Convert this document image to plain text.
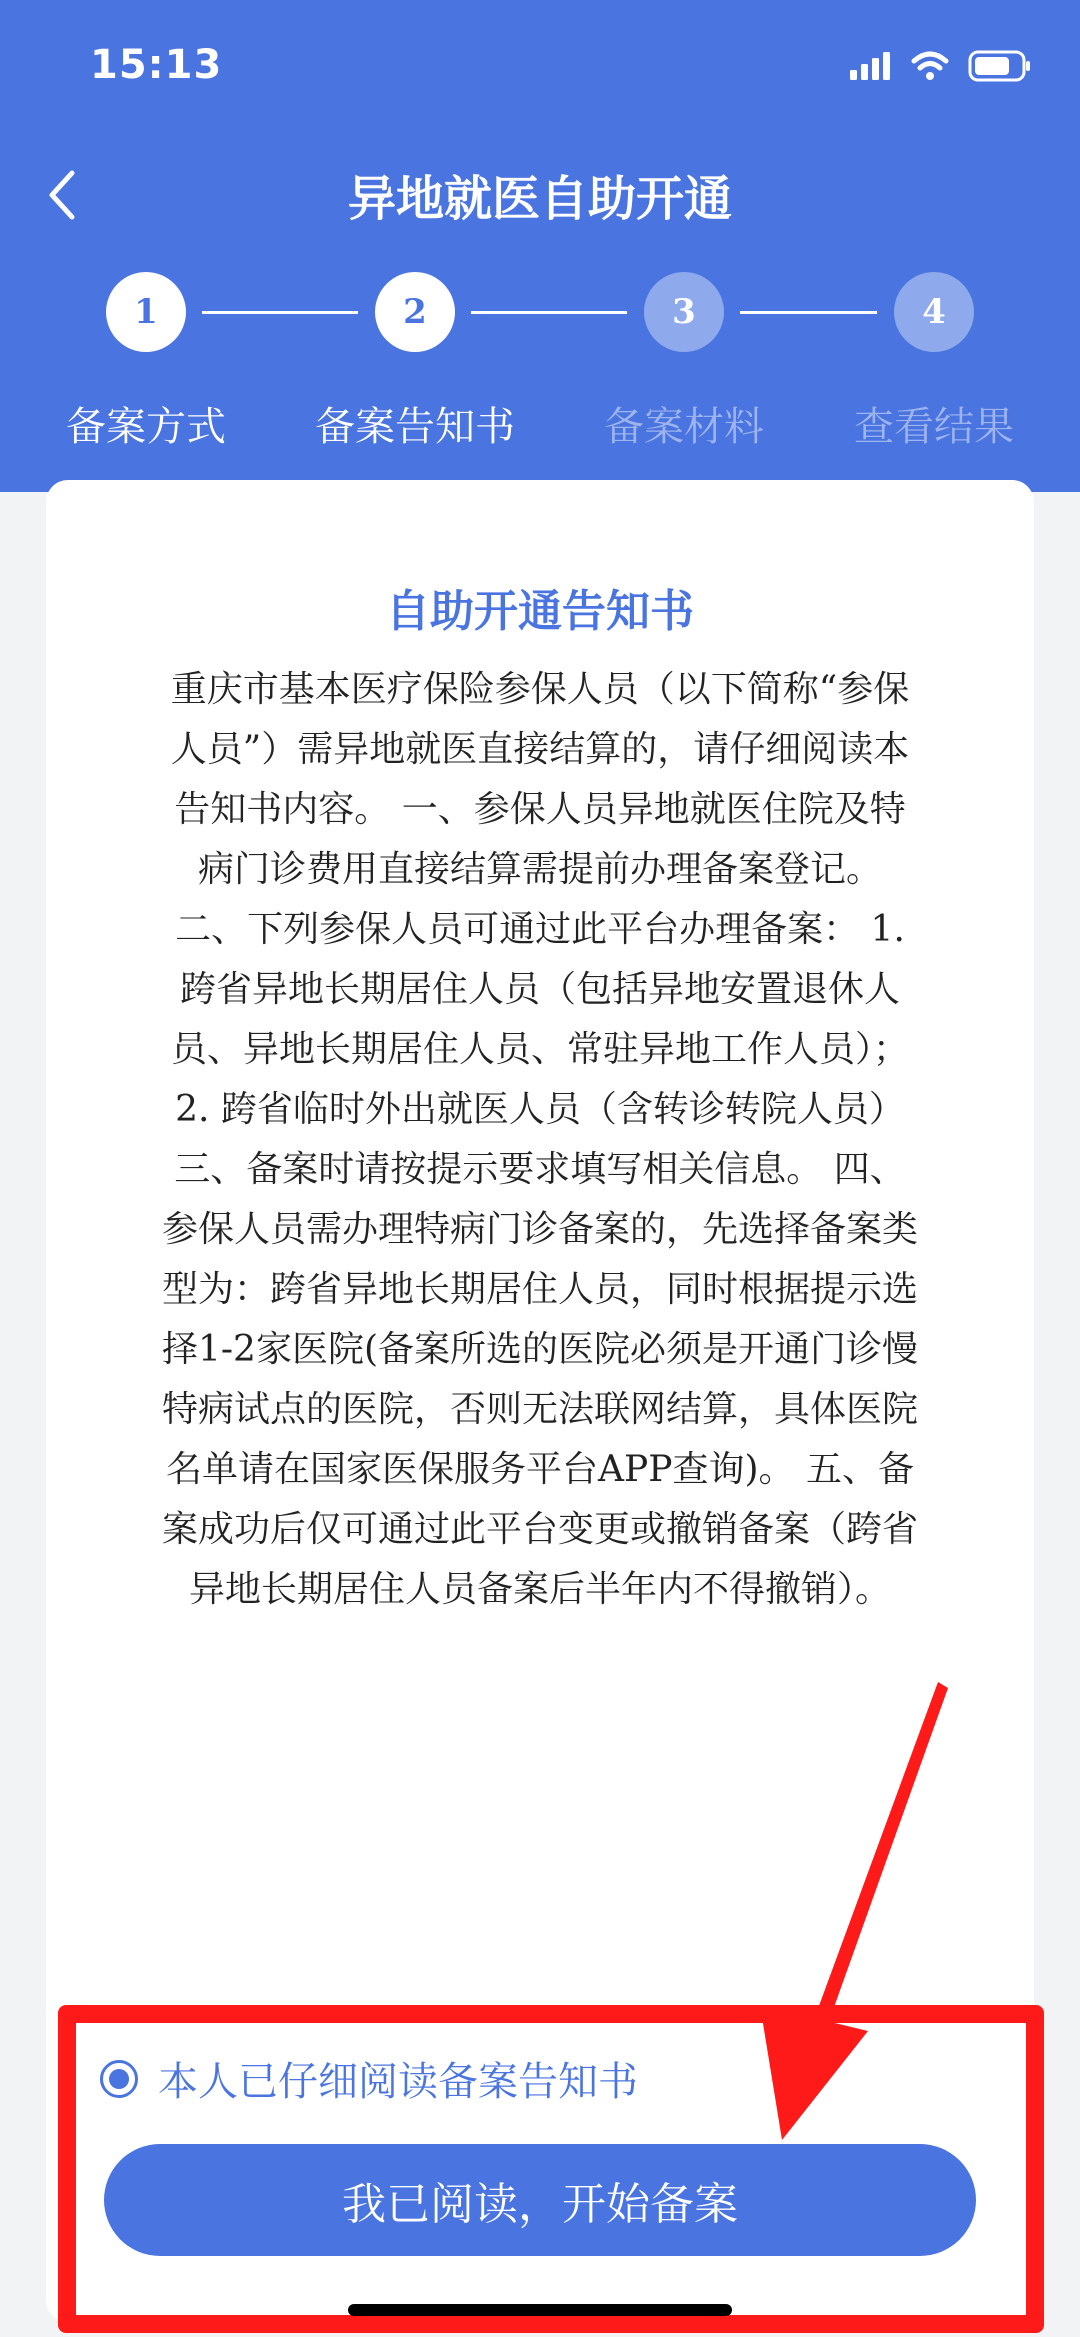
15:13
异地就医自助开通
1	2	3	4
备案方式	备案告知书	备案材料	查看结果
自助开通告知书
重庆市基本医疗保险参保人员（以下简称“参保
人员”）需异地就医直接结算的，请仔细阅读本
告知书内容。 一、参保人员异地就医住院及特
病门诊费用直接结算需提前办理备案登记。
二、下列参保人员可通过此平台办理备案： 1.
跨省异地长期居住人员（包括异地安置退休人
员、异地长期居住人员、常驻异地工作人员）；
2. 跨省临时外出就医人员（含转诊转院人员）
三、备案时请按提示要求填写相关信息。 四、
参保人员需办理特病门诊备案的，先选择备案类
型为：跨省异地长期居住人员，同时根据提示选
择1-2家医院(备案所选的医院必须是开通门诊慢
特病试点的医院，否则无法联网结算，具体医院
名单请在国家医保服务平台APP查询)。 五、备
案成功后仅可通过此平台变更或撤销备案（跨省
异地长期居住人员备案后半年内不得撤销）。
本人已仔细阅读备案告知书
我已阅读，开始备案
